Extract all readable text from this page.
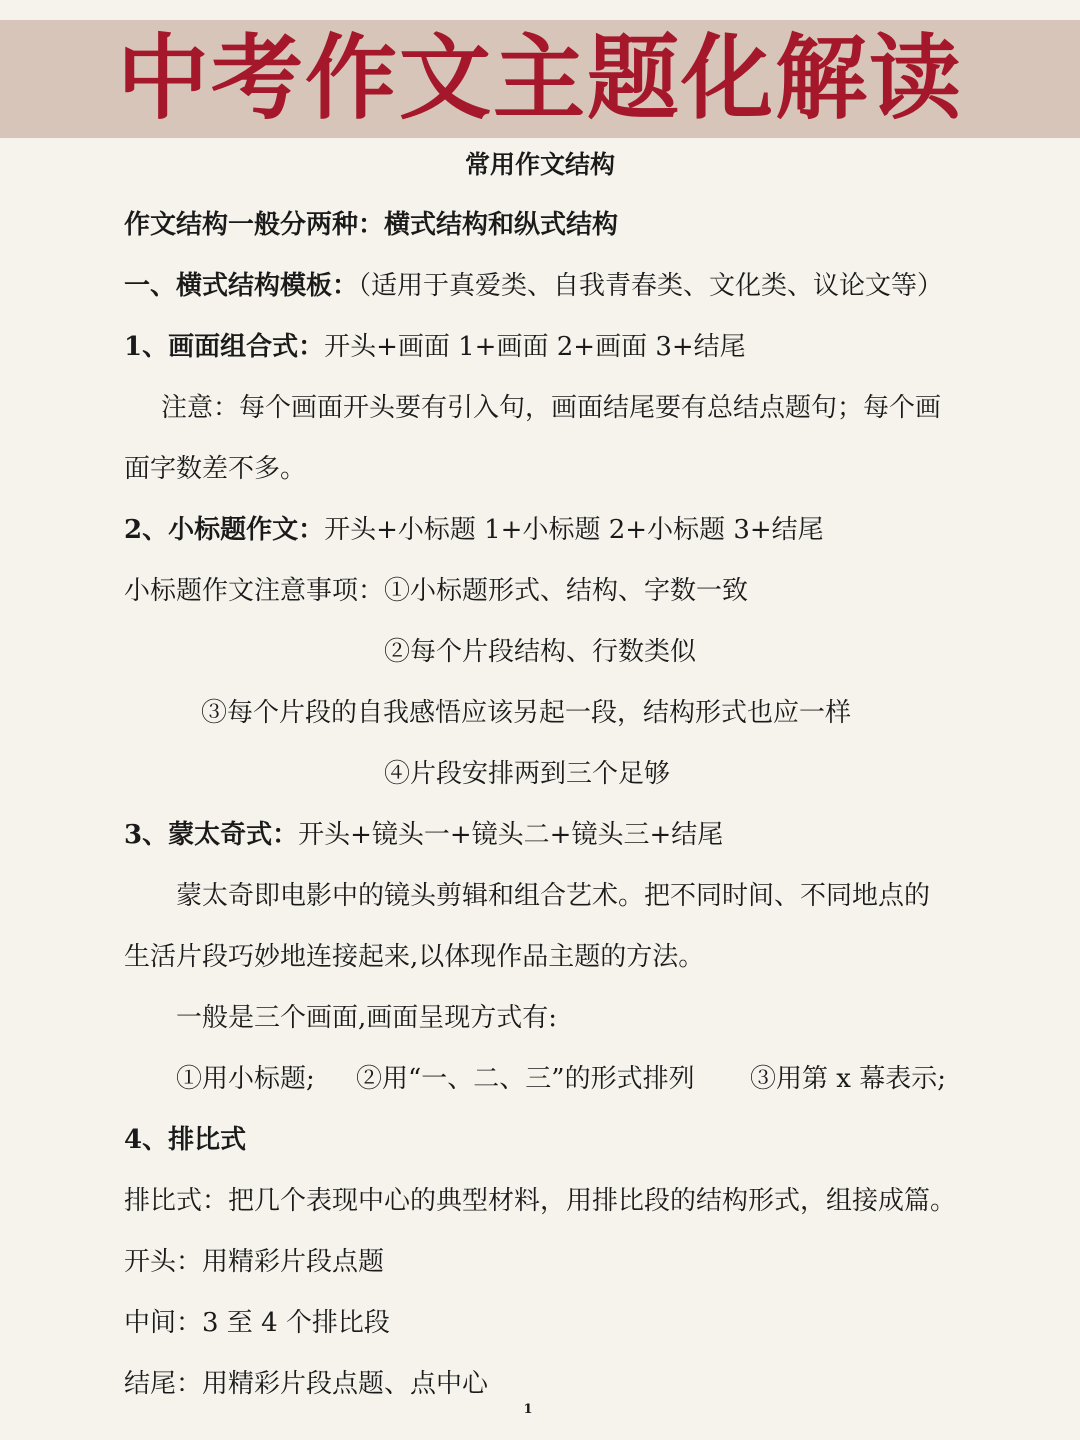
中考作文主题化解读
常用作文结构
作文结构一般分两种：横式结构和纵式结构
一、横式结构模板：（适用于真爱类、自我青春类、文化类、议论文等）
1、画面组合式：开头+画面 1+画面 2+画面 3+结尾
注意：每个画面开头要有引入句，画面结尾要有总结点题句；每个画
面字数差不多。
2、小标题作文：开头+小标题 1+小标题 2+小标题 3+结尾
小标题作文注意事项：①小标题形式、结构、字数一致
②每个片段结构、行数类似
③每个片段的自我感悟应该另起一段，结构形式也应一样
④片段安排两到三个足够
3、蒙太奇式：开头+镜头一+镜头二+镜头三+结尾
蒙太奇即电影中的镜头剪辑和组合艺术。把不同时间、不同地点的
生活片段巧妙地连接起来,以体现作品主题的方法。
一般是三个画面,画面呈现方式有:
①用小标题; ②用“一、二、三”的形式排列 ③用第 x 幕表示;
4、排比式
排比式：把几个表现中心的典型材料，用排比段的结构形式，组接成篇。
开头：用精彩片段点题
中间：3 至 4 个排比段
结尾：用精彩片段点题、点中心
1
